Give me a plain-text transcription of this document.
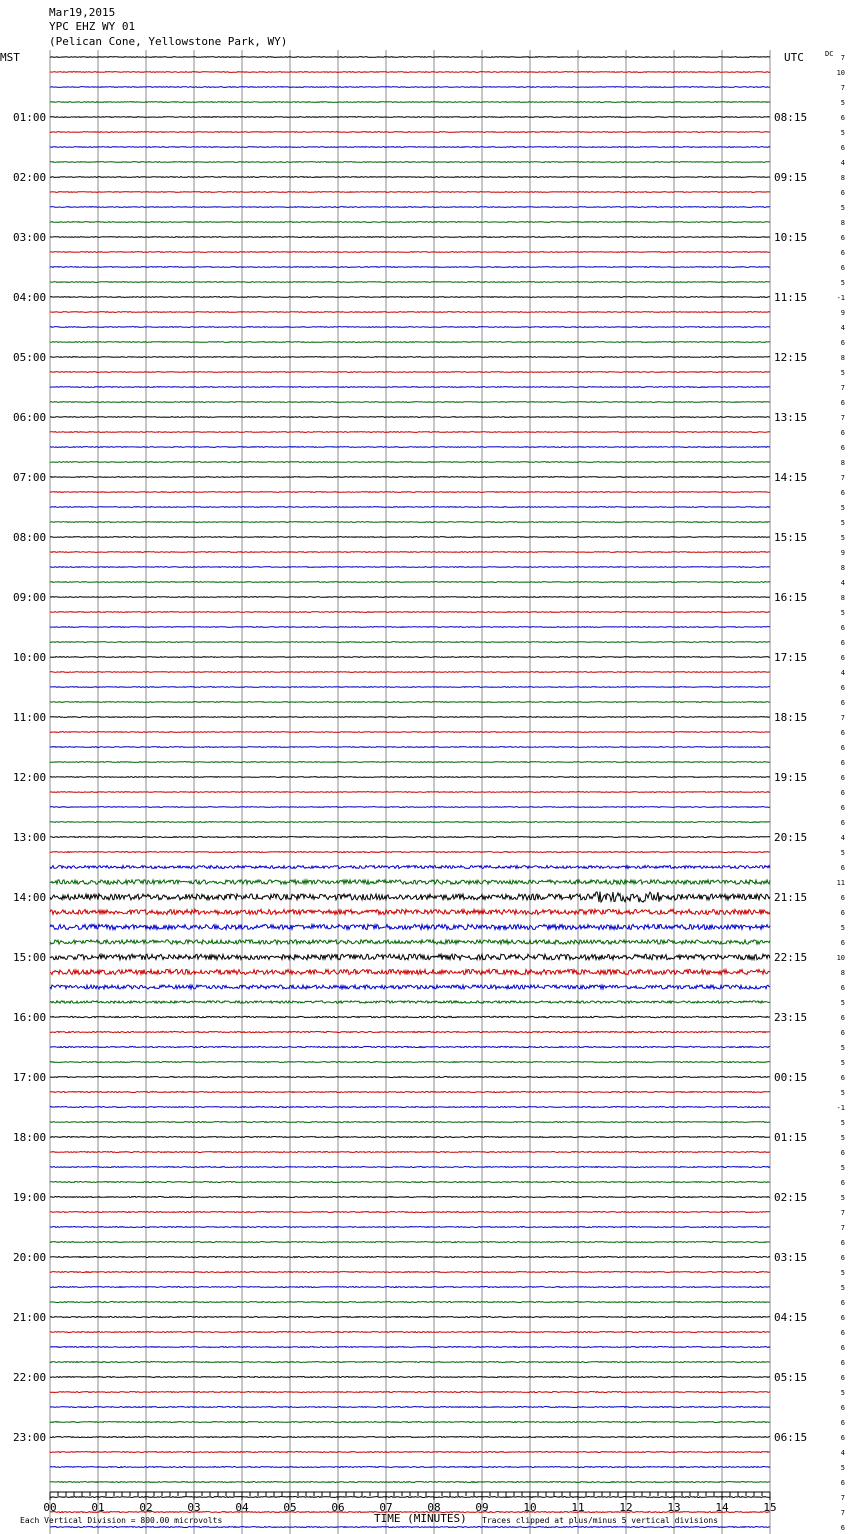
Mar19,2015
YPC EHZ WY 01
(Pelican Cone, Yellowstone Park, WY)
MST	UTC	DC
01:00
02:00
03:00
04:00
05:00
06:00
07:00
08:00
09:00
10:00
11:00
12:00
13:00
14:00
15:00
16:00
17:00
18:00
19:00
20:00
21:00
22:00
23:00
08:15
09:15
10:15
11:15
12:15
13:15
14:15
15:15
16:15
17:15
18:15
19:15
20:15
21:15
22:15
23:15
00:15
01:15
02:15
03:15
04:15
05:15
06:15
7
10
7
5
6
5
6
4
8
6
5
8
6
6
6
5
-1
9
4
6
8
5
7
6
7
6
6
8
7
6
5
5
5
9
8
4
8
5
6
6
6
4
6
6
7
6
6
6
6
6
6
6
4
5
6
11
6
6
5
6
10
8
6
5
6
6
5
5
6
5
-1
5
5
6
5
6
5
7
7
6
6
5
5
6
6
6
6
6
6
5
6
6
6
4
5
6
7
7
6
00	01	02	03	04	05	06	07	08	09	10	11	12	13	14	15
Each Vertical Division = 800.00 microvolts	TIME (MINUTES) Traces clipped at plus/minus 5 vertical divisions
